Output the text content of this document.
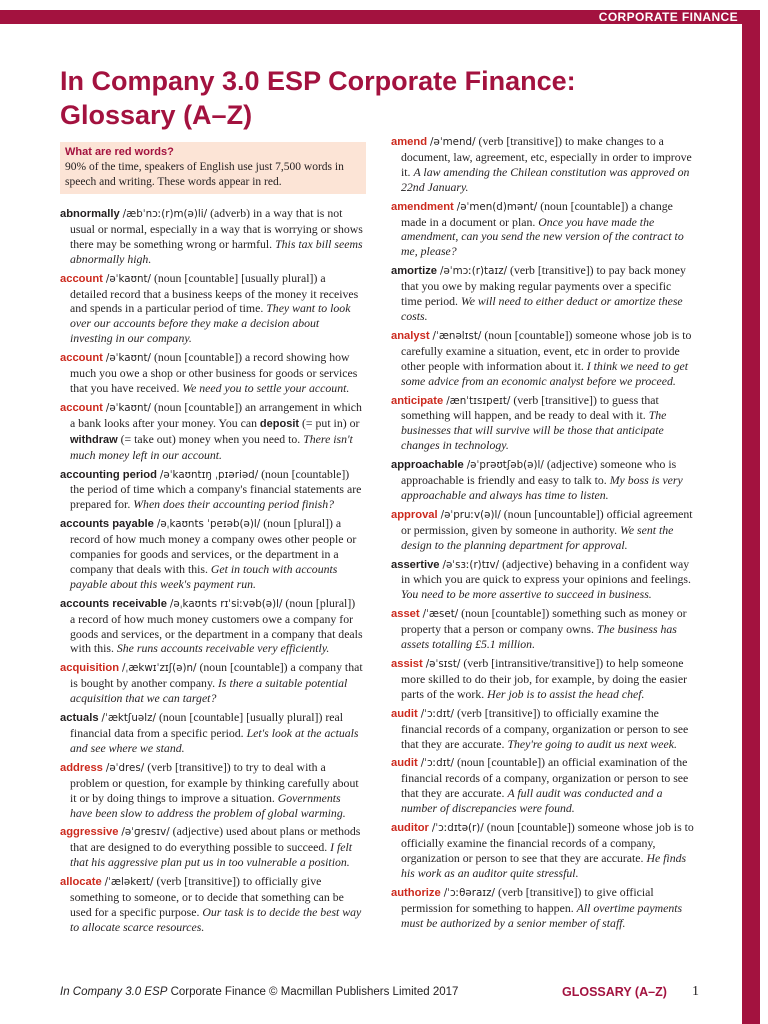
CORPORATE FINANCE
In Company 3.0 ESP Corporate Finance:
Glossary (A–Z)
What are red words?
90% of the time, speakers of English use just 7,500 words in speech and writing. These words appear in red.

abnormally /æbˈnɔː(r)m(ə)li/ (adverb) in a way that is not usual or normal, especially in a way that is worrying or shows there may be something wrong or harmful. This tax bill seems abnormally high.

account /əˈkaʊnt/ (noun [countable] [usually plural]) a detailed record that a business keeps of the money it receives and spends in a particular period of time. They want to look over our accounts before they make a decision about investing in our company.

account /əˈkaʊnt/ (noun [countable]) a record showing how much you owe a shop or other business for goods or services that you have received. We need you to settle your account.

account /əˈkaʊnt/ (noun [countable]) an arrangement in which a bank looks after your money. You can deposit (= put in) or withdraw (= take out) money when you need to. There isn't much money left in our account.

accounting period /əˈkaʊntɪŋ ˌpɪəriəd/ (noun [countable]) the period of time which a company's financial statements are prepared for. When does their accounting period finish?

accounts payable /əˌkaʊnts ˈpeɪəb(ə)l/ (noun [plural]) a record of how much money a company owes other people or companies for goods and services, or the department in a company that deals with this. Get in touch with accounts payable about this week's payment run.

accounts receivable /əˌkaʊnts rɪˈsiːvəb(ə)l/ (noun [plural]) a record of how much money customers owe a company for goods and services, or the department in a company that deals with this. She runs accounts receivable very efficiently.

acquisition /ˌækwɪˈzɪʃ(ə)n/ (noun [countable]) a company that is bought by another company. Is there a suitable potential acquisition that we can target?

actuals /ˈæktʃuəlz/ (noun [countable] [usually plural]) real financial data from a specific period. Let's look at the actuals and see where we stand.

address /əˈdres/ (verb [transitive]) to try to deal with a problem or question, for example by thinking carefully about it or by doing things to improve a situation. Governments have been slow to address the problem of global warming.

aggressive /əˈɡresɪv/ (adjective) used about plans or methods that are designed to do everything possible to succeed. I felt that his aggressive plan put us in too vulnerable a position.

allocate /ˈæləkeɪt/ (verb [transitive]) to officially give something to someone, or to decide that something can be used for a specific purpose. Our task is to decide the best way to allocate scarce resources.

amend /əˈmend/ (verb [transitive]) to make changes to a document, law, agreement, etc, especially in order to improve it. A law amending the Chilean constitution was approved on 22nd January.

amendment /əˈmen(d)mənt/ (noun [countable]) a change made in a document or plan. Once you have made the amendment, can you send the new version of the contract to me, please?

amortize /əˈmɔː(r)taɪz/ (verb [transitive]) to pay back money that you owe by making regular payments over a specific time period. We will need to either deduct or amortize these costs.

analyst /ˈænəlɪst/ (noun [countable]) someone whose job is to carefully examine a situation, event, etc in order to provide other people with information about it. I think we need to get some advice from an economic analyst before we proceed.

anticipate /ænˈtɪsɪpeɪt/ (verb [transitive]) to guess that something will happen, and be ready to deal with it. The businesses that will survive will be those that anticipate changes in technology.

approachable /əˈprəʊtʃəb(ə)l/ (adjective) someone who is approachable is friendly and easy to talk to. My boss is very approachable and always has time to listen.

approval /əˈpruːv(ə)l/ (noun [uncountable]) official agreement or permission, given by someone in authority. We sent the design to the planning department for approval.

assertive /əˈsɜː(r)tɪv/ (adjective) behaving in a confident way in which you are quick to express your opinions and feelings. You need to be more assertive to succeed in business.

asset /ˈæset/ (noun [countable]) something such as money or property that a person or company owns. The business has assets totalling £5.1 million.

assist /əˈsɪst/ (verb [intransitive/transitive]) to help someone more skilled to do their job, for example, by doing the easier parts of the work. Her job is to assist the head chef.

audit /ˈɔːdɪt/ (verb [transitive]) to officially examine the financial records of a company, organization or person to see that they are accurate. They're going to audit us next week.

audit /ˈɔːdɪt/ (noun [countable]) an official examination of the financial records of a company, organization or person to see that they are accurate. A full audit was conducted and a number of discrepancies were found.

auditor /ˈɔːdɪtə(r)/ (noun [countable]) someone whose job is to officially examine the financial records of a company, organization or person to see that they are accurate. He finds his work as an auditor quite stressful.

authorize /ˈɔːθəraɪz/ (verb [transitive]) to give official permission for something to happen. All overtime payments must be authorized by a senior member of staff.

In Company 3.0 ESP Corporate Finance © Macmillan Publishers Limited 2017	GLOSSARY (A–Z) 1
